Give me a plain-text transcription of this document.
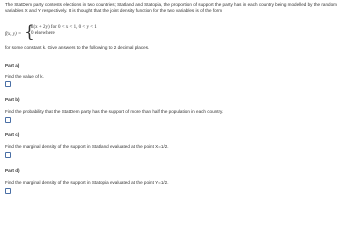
The StatDem party contests elections in two countries; Statland and Statopia, the proportion of support the party has in each country being modelled by the random variables X and Y respectively. It is thought that the joint density function for the two variables is of the form
f(x, y) = {
k(x + 2y) for 0 < x < 1, 0 < y < 1
0 elsewhere
for some constant k. Give answers to the following to 2 decimal places.
Part a)
Find the value of k.
Part b)
Find the probability that the StatDem party has the support of more than half the population in each country.
Part c)
Find the marginal density of the support in Statland evaluated at the point X=1/2.
Part d)
Find the marginal density of the support in Statopia evaluated at the point Y=1/2.
